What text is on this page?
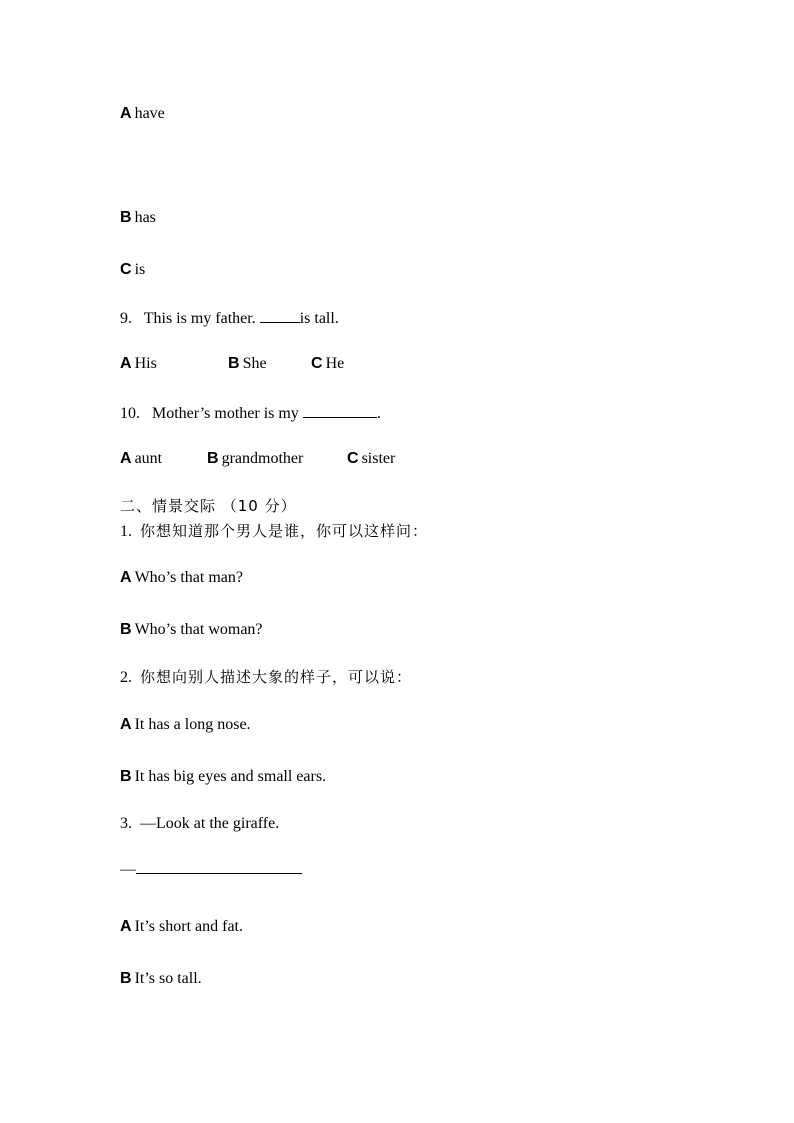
A have
B has
C is
9. This is my father.	is tall.
A His	B She	C He
10. Mother’s mother is my	.
A aunt	B grandmother	C sister
二、情景交际 （10 分）
1. 你想知道那个男人是谁，你可以这样问：
A Who’s that man?
B Who’s that woman?
2. 你想向别人描述大象的样子，可以说：
A It has a long nose.
B It has big eyes and small ears.
3. —Look at the giraffe.
—
A It’s short and fat.
B It’s so tall.
